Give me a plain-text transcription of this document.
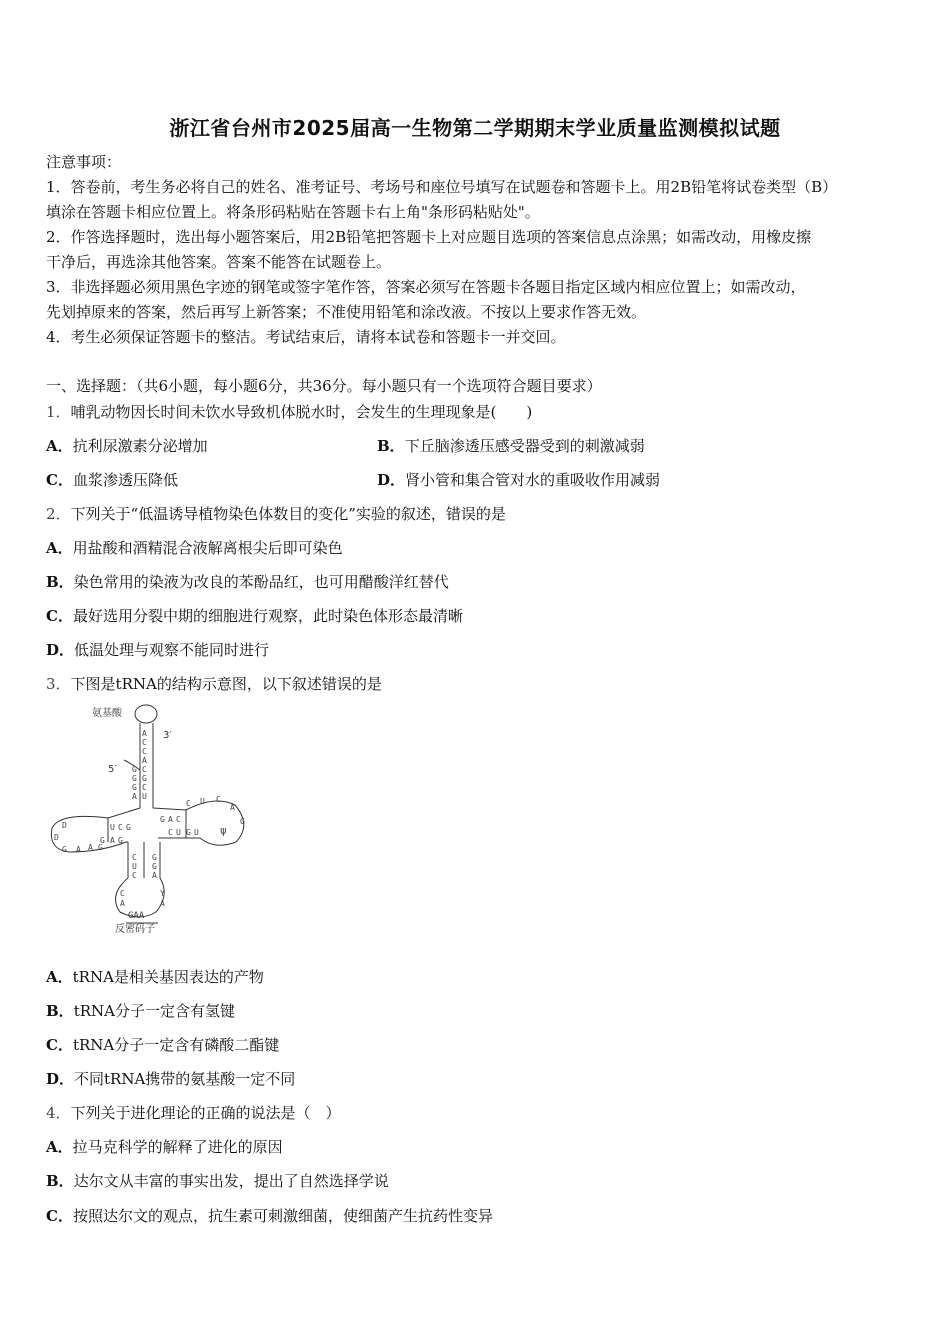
浙江省台州市2025届高一生物第二学期期末学业质量监测模拟试题
注意事项：
1．答卷前，考生务必将自己的姓名、准考证号、考场号和座位号填写在试题卷和答题卡上。用2B铅笔将试卷类型（B）
填涂在答题卡相应位置上。将条形码粘贴在答题卡右上角"条形码粘贴处"。
2．作答选择题时，选出每小题答案后，用2B铅笔把答题卡上对应题目选项的答案信息点涂黑；如需改动，用橡皮擦
干净后，再选涂其他答案。答案不能答在试题卷上。
3．非选择题必须用黑色字迹的钢笔或签字笔作答，答案必须写在答题卡各题目指定区域内相应位置上；如需改动，
先划掉原来的答案，然后再写上新答案；不准使用铅笔和涂改液。不按以上要求作答无效。
4．考生必须保证答题卡的整洁。考试结束后，请将本试卷和答题卡一并交回。
一、选择题：（共6小题，每小题6分，共36分。每小题只有一个选项符合题目要求）
1．哺乳动物因长时间未饮水导致机体脱水时，会发生的生理现象是(　　)
A．抗利尿激素分泌增加	B．下丘脑渗透压感受器受到的刺激减弱
C．血浆渗透压降低	D．肾小管和集合管对水的重吸收作用减弱
2．下列关于“低温诱导植物染色体数目的变化”实验的叙述，错误的是
A．用盐酸和酒精混合液解离根尖后即可染色
B．染色常用的染液为改良的苯酚品红，也可用醋酸洋红替代
C．最好选用分裂中期的细胞进行观察，此时染色体形态最清晰
D．低温处理与观察不能同时进行
3．下图是tRNA的结构示意图，以下叙述错误的是
A
C
C
A
C
G
C
U
G
G
G
A
D
D
G A A G
U C G
G A G
G A C
C U C
A
G
C U G U ψ
C
U
C
G
G
A
C
A
Y
A
氨基酸
3′
5′
GAA
反密码子
A．tRNA是相关基因表达的产物
B．tRNA分子一定含有氢键
C．tRNA分子一定含有磷酸二酯键
D．不同tRNA携带的氨基酸一定不同
4．下列关于进化理论的正确的说法是（　）
A．拉马克科学的解释了进化的原因
B．达尔文从丰富的事实出发，提出了自然选择学说
C．按照达尔文的观点，抗生素可刺激细菌，使细菌产生抗药性变异
